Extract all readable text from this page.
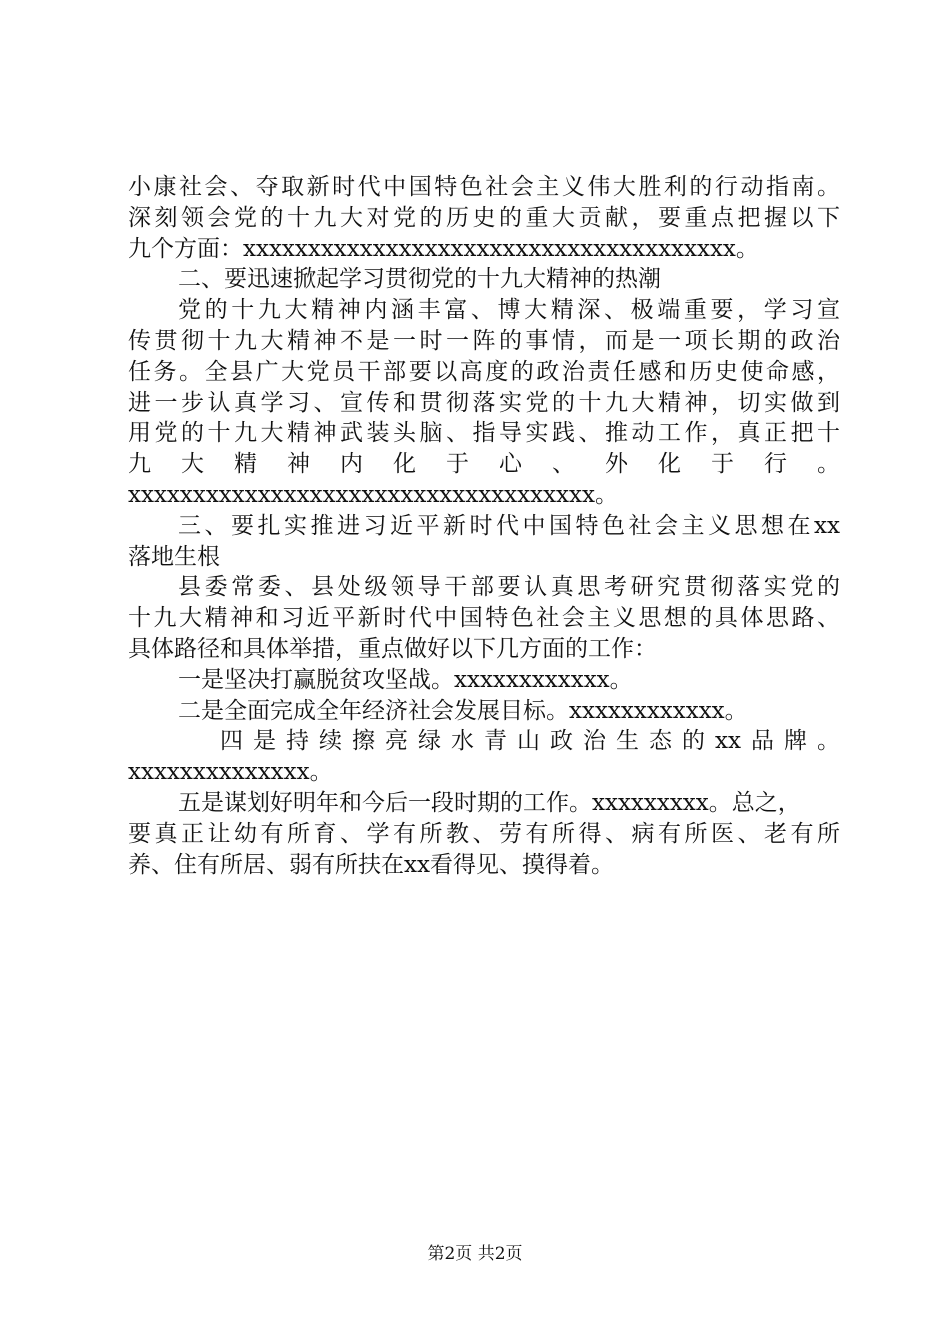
小康社会、夺取新时代中国特色社会主义伟大胜利的行动指南。
深刻领会党的十九大对党的历史的重大贡献，要重点把握以下
九个方面：xxxxxxxxxxxxxxxxxxxxxxxxxxxxxxxxxxxxxx。
二、要迅速掀起学习贯彻党的十九大精神的热潮
党的十九大精神内涵丰富、博大精深、极端重要，学习宣
传贯彻十九大精神不是一时一阵的事情，而是一项长期的政治
任务。全县广大党员干部要以高度的政治责任感和历史使命感，
进一步认真学习、宣传和贯彻落实党的十九大精神，切实做到
用党的十九大精神武装头脑、指导实践、推动工作，真正把十
九大精神内化于心、外化于行。
xxxxxxxxxxxxxxxxxxxxxxxxxxxxxxxxxxxx。
三、要扎实推进习近平新时代中国特色社会主义思想在xx
落地生根
县委常委、县处级领导干部要认真思考研究贯彻落实党的
十九大精神和习近平新时代中国特色社会主义思想的具体思路、
具体路径和具体举措，重点做好以下几方面的工作：
一是坚决打赢脱贫攻坚战。xxxxxxxxxxxx。
二是全面完成全年经济社会发展目标。xxxxxxxxxxxx。
四是持续擦亮绿水青山政治生态的xx品牌。
xxxxxxxxxxxxxx。
五是谋划好明年和今后一段时期的工作。xxxxxxxxx。总之，
要真正让幼有所育、学有所教、劳有所得、病有所医、老有所
养、住有所居、弱有所扶在xx看得见、摸得着。
第2页 共2页
